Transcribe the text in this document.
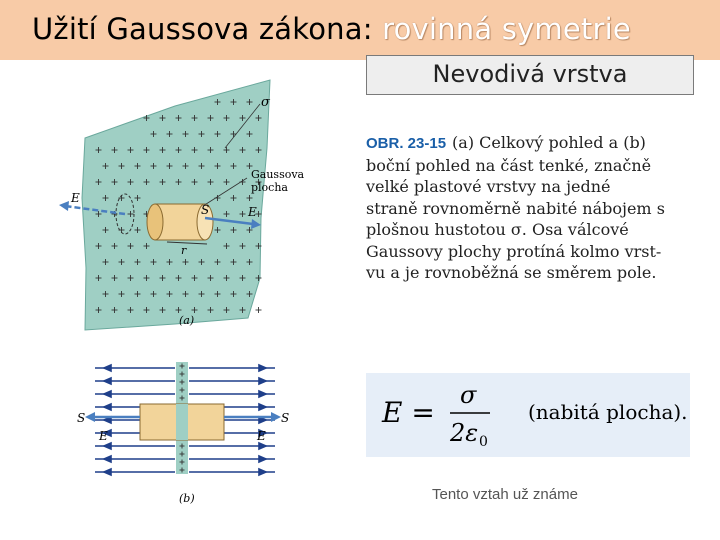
Užití Gaussova zákona: rovinná symetrie
Nevodivá vrstva
σ
Gaussova
plocha
E
S	E
r
(a)
S	S
E	E
(b)
OBR. 23-15 (a) Celkový pohled a (b) boční pohled na část tenké, značně velké plastové vrstvy na jedné straně rovnoměrně nabité nábojem s plošnou hustotou σ. Osa válcové Gaussovy plochy protíná kolmo vrst- vu a je rovnoběžná se směrem pole.
E =
σ
2ε 0
(nabitá plocha).
Tento vztah už známe
